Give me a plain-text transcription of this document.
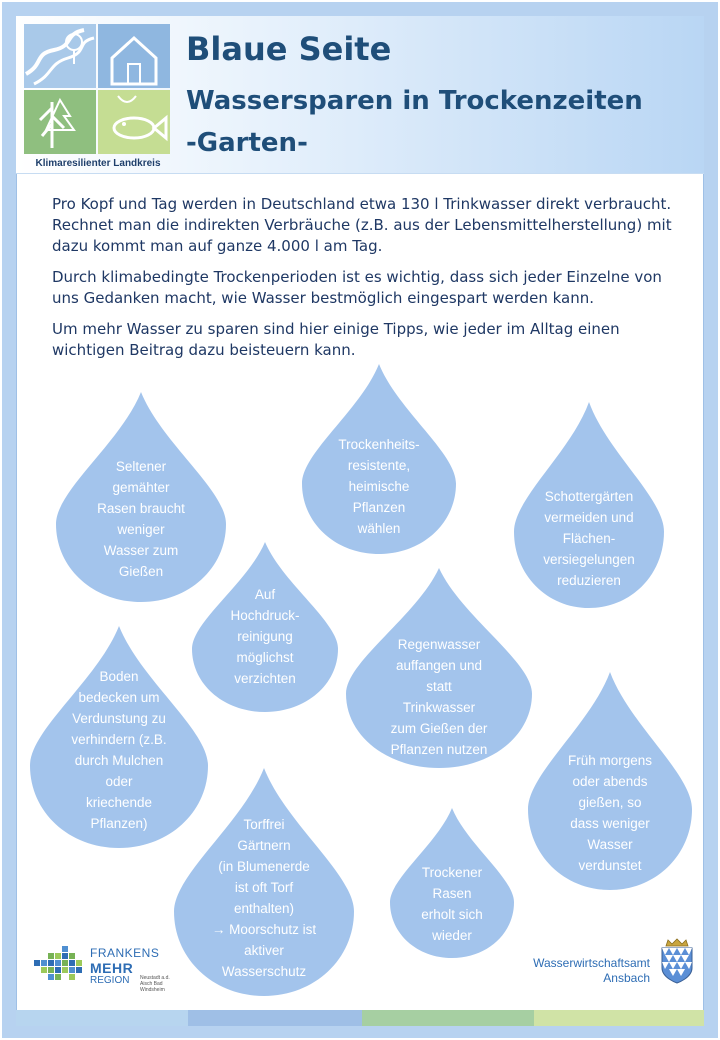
Klimaresilienter Landkreis
Blaue Seite
Wassersparen in Trockenzeiten
-Garten-

Pro Kopf und Tag werden in Deutschland etwa 130 l Trinkwasser direkt verbraucht. Rechnet man die indirekten Verbräuche (z.B. aus der Lebensmittelherstellung) mit dazu kommt man auf ganze 4.000 l am Tag.

Durch klimabedingte Trockenperioden ist es wichtig, dass sich jeder Einzelne von uns Gedanken macht, wie Wasser bestmöglich eingespart werden kann.

Um mehr Wasser zu sparen sind hier einige Tipps, wie jeder im Alltag einen wichtigen Beitrag dazu beisteuern kann.

Seltener
gemähter
Rasen braucht
weniger
Wasser zum
Gießen
Trockenheits-
resistente,
heimische
Pflanzen
wählen
Schottergärten
vermeiden und
Flächen-
versiegelungen
reduzieren
Auf
Hochdruck-
reinigung
möglichst
verzichten
Regenwasser
auffangen und
statt
Trinkwasser
zum Gießen der
Pflanzen nutzen
Boden
bedecken um
Verdunstung zu
verhindern (z.B.
durch Mulchen
oder
kriechende
Pflanzen)
Früh morgens
oder abends
gießen, so
dass weniger
Wasser
verdunstet
Torffrei
Gärtnern
(in Blumenerde
ist oft Torf
enthalten)
→ Moorschutz ist
aktiver
Wasserschutz
Trockener
Rasen
erholt sich
wieder
FRANKENS
MEHR
REGION Neustadt a.d. Aisch Bad Windsheim
Wasserwirtschaftsamt
Ansbach
